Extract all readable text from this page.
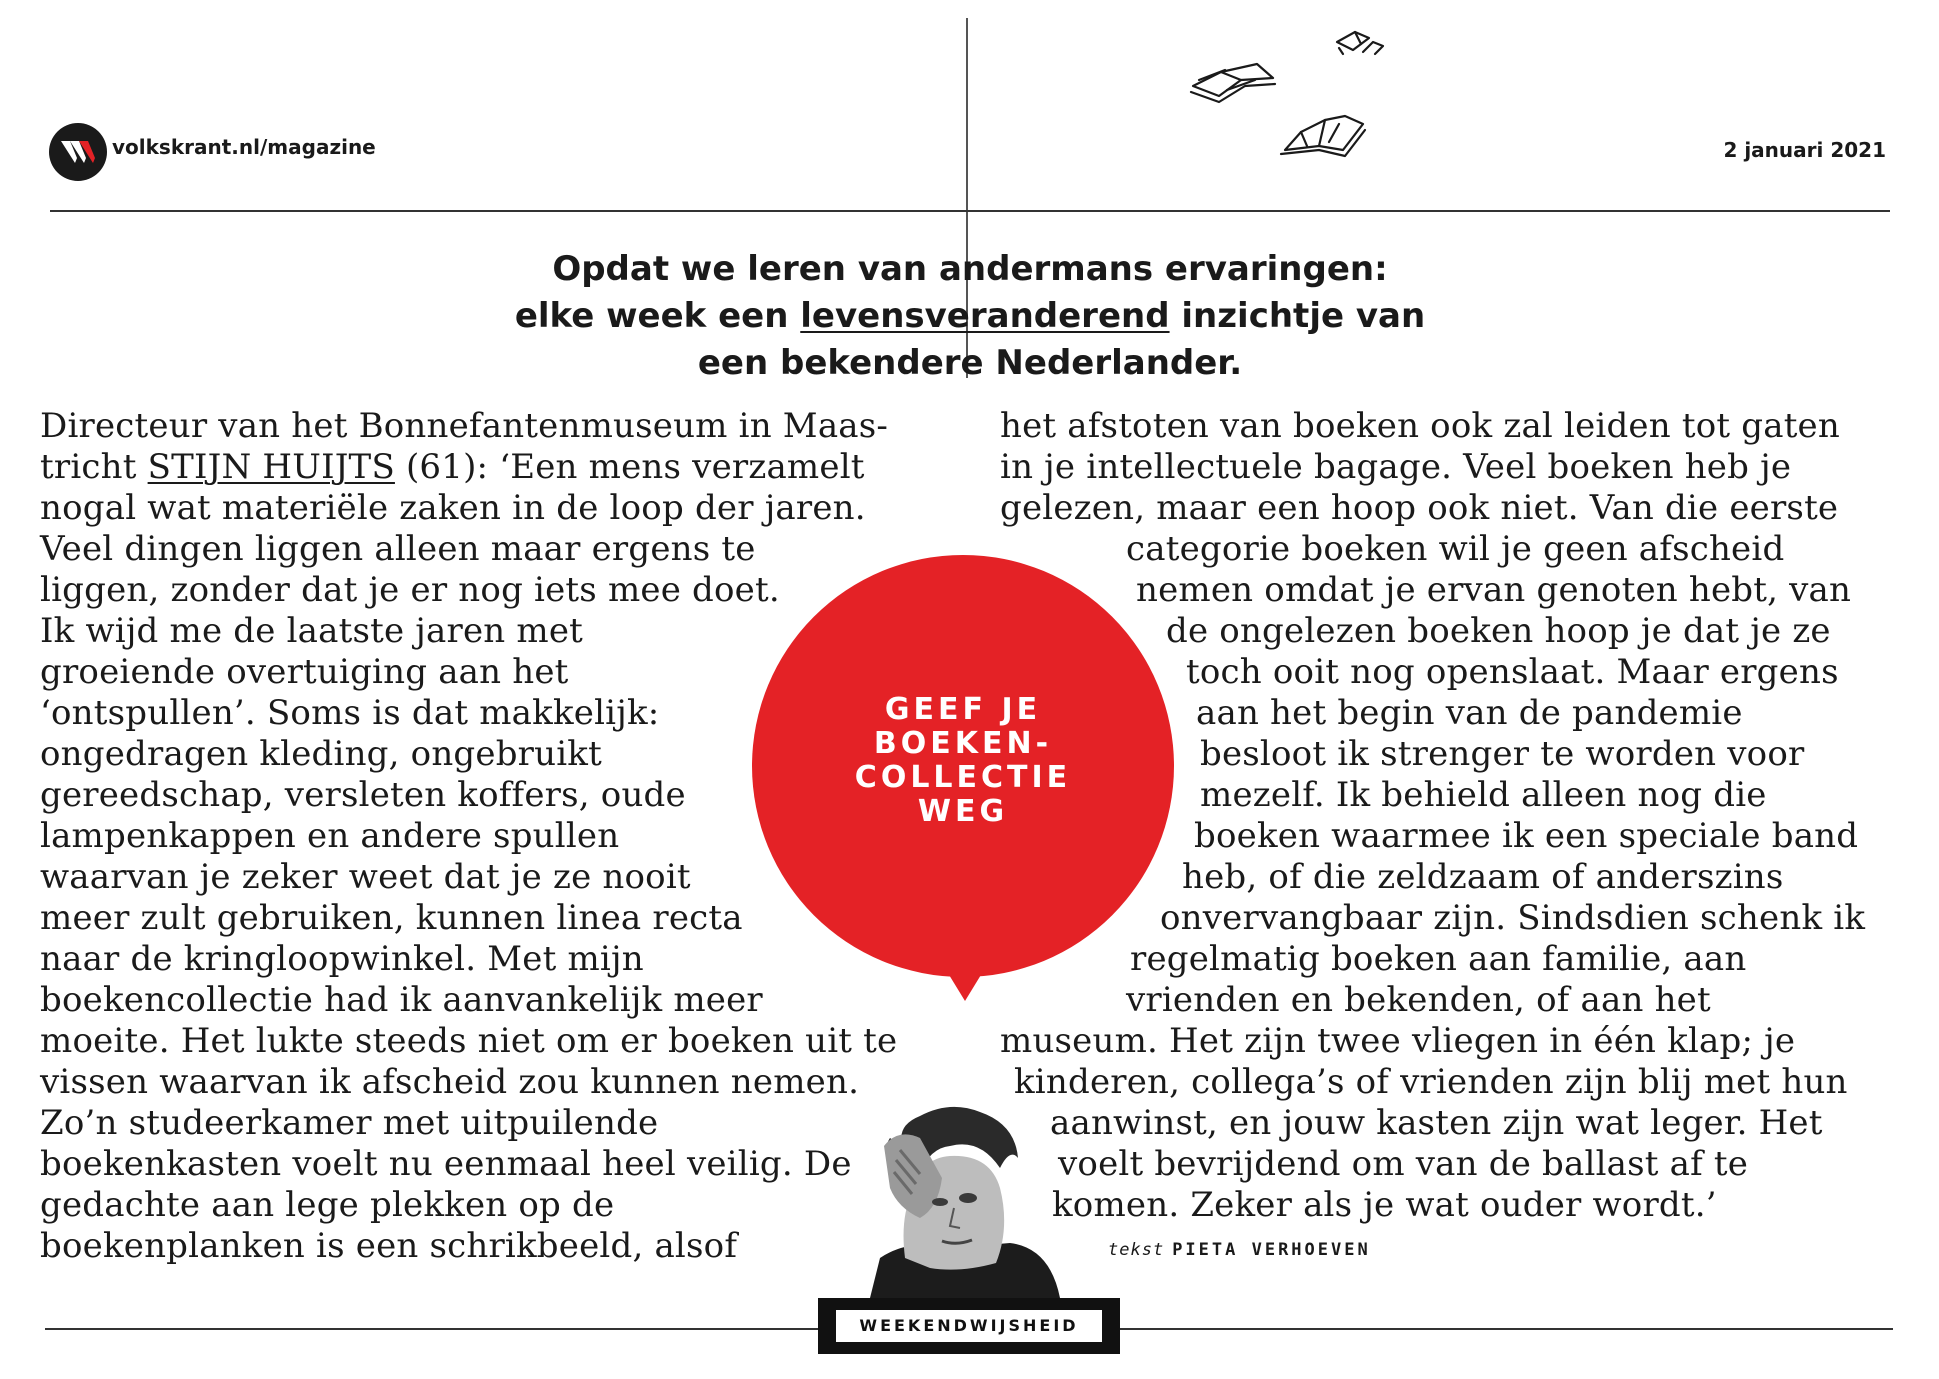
volkskrant.nl/magazine	2 januari 2021
Opdat we leren van andermans ervaringen:
elke week een levensveranderend inzichtje van
een bekendere Nederlander.
Directeur van het Bonnefantenmuseum in Maas-
tricht STIJN HUIJTS (61): ‘Een mens verzamelt
nogal wat materiële zaken in de loop der jaren.
Veel dingen liggen alleen maar ergens te
liggen, zonder dat je er nog iets mee doet.
Ik wijd me de laatste jaren met
groeiende overtuiging aan het
‘ontspullen’. Soms is dat makkelijk:
ongedragen kleding, ongebruikt
gereedschap, versleten koffers, oude
lampenkappen en andere spullen
waarvan je zeker weet dat je ze nooit
meer zult gebruiken, kunnen linea recta
naar de kringloopwinkel. Met mijn
boekencollectie had ik aanvankelijk meer
moeite. Het lukte steeds niet om er boeken uit te
vissen waarvan ik afscheid zou kunnen nemen.
Zo’n studeerkamer met uitpuilende
boekenkasten voelt nu eenmaal heel veilig. De
gedachte aan lege plekken op de
boekenplanken is een schrikbeeld, alsof
het afstoten van boeken ook zal leiden tot gaten
in je intellectuele bagage. Veel boeken heb je
gelezen, maar een hoop ook niet. Van die eerste
categorie boeken wil je geen afscheid
nemen omdat je ervan genoten hebt, van
de ongelezen boeken hoop je dat je ze
toch ooit nog openslaat. Maar ergens
aan het begin van de pandemie
besloot ik strenger te worden voor
mezelf. Ik behield alleen nog die
boeken waarmee ik een speciale band
heb, of die zeldzaam of anderszins
onvervangbaar zijn. Sindsdien schenk ik
regelmatig boeken aan familie, aan
vrienden en bekenden, of aan het
museum. Het zijn twee vliegen in één klap; je
kinderen, collega’s of vrienden zijn blij met hun
aanwinst, en jouw kasten zijn wat leger. Het
voelt bevrijdend om van de ballast af te
komen. Zeker als je wat ouder wordt.’
GEEF JE
BOEKEN-
COLLECTIE
WEG
tekst PIETA VERHOEVEN
WEEKENDWIJSHEID
